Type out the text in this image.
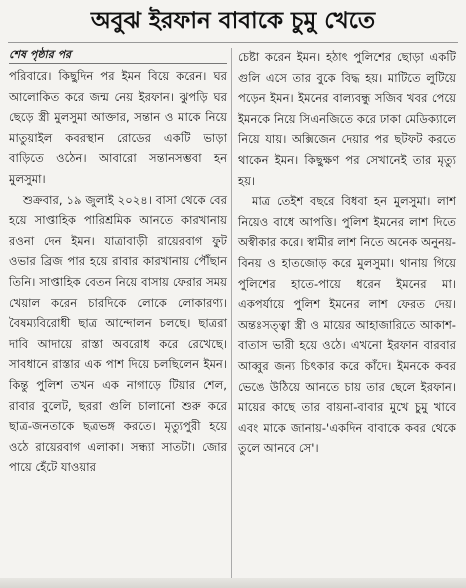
অবুঝ ইরফান বাবাকে চুমু খেতে
শেষ পৃষ্ঠার পর

পরিবারে। কিছুদিন পর ইমন বিয়ে করেন। ঘর আলোকিত করে জন্ম নেয় ইরফান। ঝুপড়ি ঘর ছেড়ে স্ত্রী মুলসুমা আক্তার, সন্তান ও মাকে নিয়ে মাতুয়াইল কবরস্থান রোডের একটি ভাড়া বাড়িতে ওঠেন। আবারো সন্তানসম্ভবা হন মুলসুমা।

শুক্রবার, ১৯ জুলাই ২০২৪। বাসা থেকে বের হয়ে সাপ্তাহিক পারিশ্রমিক আনতে কারখানায় রওনা দেন ইমন। যাত্রাবাড়ী রায়েরবাগ ফুট ওভার ব্রিজ পার হয়ে রাবার কারখানায় পৌঁছান তিনি। সাপ্তাহিক বেতন নিয়ে বাসায় ফেরার সময় খেয়াল করেন চারদিকে লোকে লোকারণ্য। বৈষম্যবিরোধী ছাত্র আন্দোলন চলছে। ছাত্ররা দাবি আদায়ে রাস্তা অবরোধ করে রেখেছে। সাবধানে রাস্তার এক পাশ দিয়ে চলছিলেন ইমন। কিন্তু পুলিশ তখন এক নাগাড়ে টিয়ার শেল, রাবার বুলেট, ছররা গুলি চালানো শুরু করে ছাত্র-জনতাকে ছত্রভঙ্গ করতে। মৃত্যুপুরী হয়ে ওঠে রায়েরবাগ এলাকা। সন্ধ্যা সাতটা। জোর পায়ে হেঁটে যাওয়ার

চেষ্টা করেন ইমন। হঠাৎ পুলিশের ছোড়া একটি গুলি এসে তার বুকে বিদ্ধ হয়। মাটিতে লুটিয়ে পড়েন ইমন। ইমনের বাল্যবন্ধু সজিব খবর পেয়ে ইমনকে নিয়ে সিএনজিতে করে ঢাকা মেডিক্যালে নিয়ে যায়। অক্সিজেন দেয়ার পর ছটফট করতে থাকেন ইমন। কিছুক্ষণ পর সেখানেই তার মৃত্যু হয়।

মাত্র তেইশ বছরে বিধবা হন মুলসুমা। লাশ নিয়েও বাধে আপত্তি। পুলিশ ইমনের লাশ দিতে অস্বীকার করে। স্বামীর লাশ নিতে অনেক অনুনয়-বিনয় ও হাতজোড় করে মুলসুমা। থানায় গিয়ে পুলিশের হাতে-পায়ে ধরেন ইমনের মা। একপর্যায়ে পুলিশ ইমনের লাশ ফেরত দেয়। অন্তঃসত্ত্বা স্ত্রী ও মায়ের আহাজারিতে আকাশ-বাতাস ভারী হয়ে ওঠে। এখনো ইরফান বারবার আব্বুর জন্য চিৎকার করে কাঁদে। ইমনকে কবর ভেঙে উঠিয়ে আনতে চায় তার ছেলে ইরফান। মায়ের কাছে তার বায়না-বাবার মুখে চুমু খাবে এবং মাকে জানায়-'একদিন বাবাকে কবর থেকে তুলে আনবে সে'।
